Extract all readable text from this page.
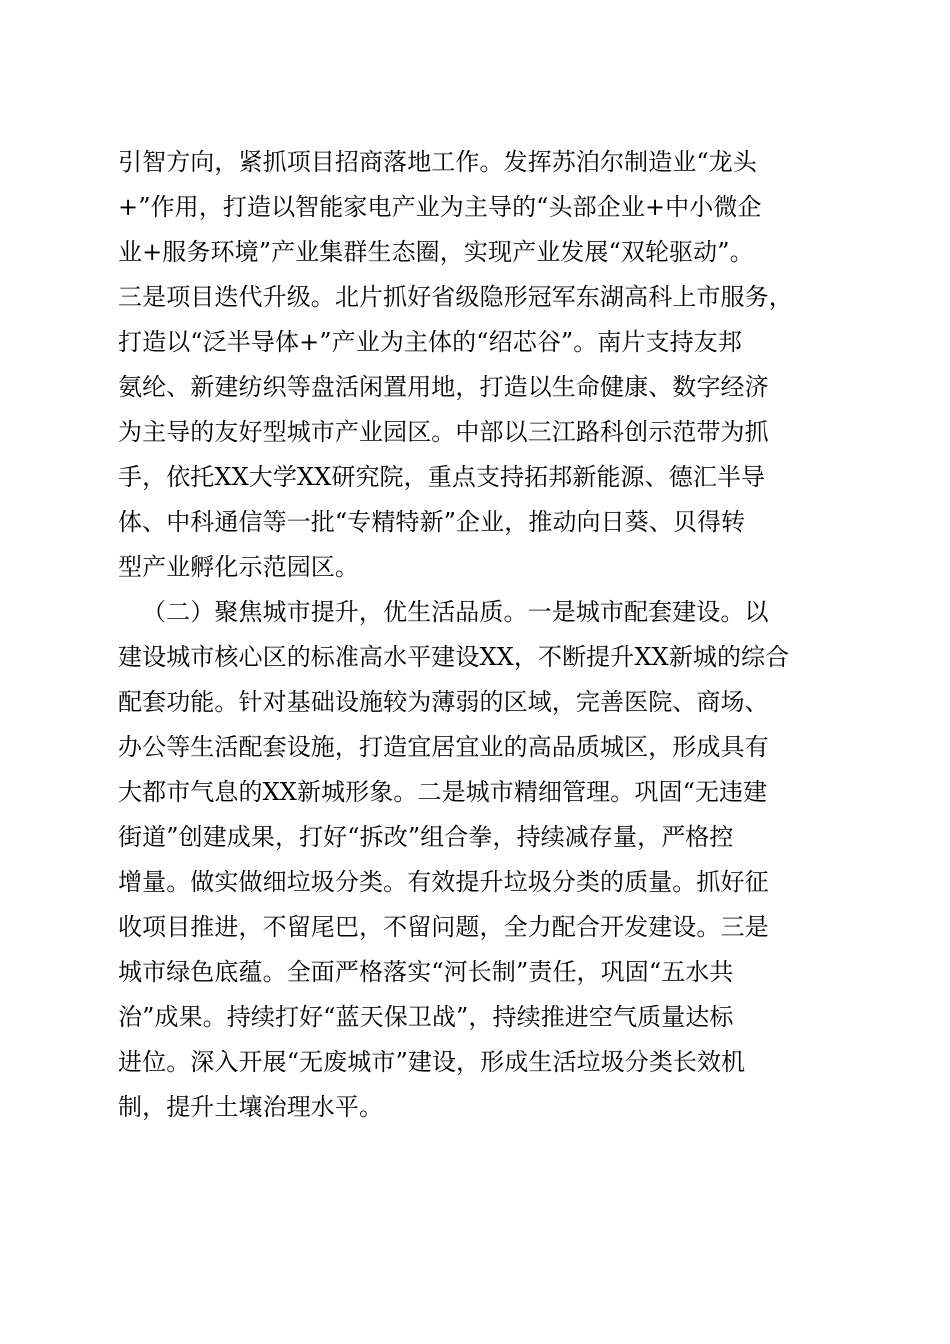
引智方向，紧抓项目招商落地工作。发挥苏泊尔制造业“龙头
+”作用，打造以智能家电产业为主导的“头部企业+中小微企
业+服务环境”产业集群生态圈，实现产业发展“双轮驱动”。
三是项目迭代升级。北片抓好省级隐形冠军东湖高科上市服务，
打造以“泛半导体+”产业为主体的“绍芯谷”。南片支持友邦
氨纶、新建纺织等盘活闲置用地，打造以生命健康、数字经济
为主导的友好型城市产业园区。中部以三江路科创示范带为抓
手，依托XX大学XX研究院，重点支持拓邦新能源、德汇半导
体、中科通信等一批“专精特新”企业，推动向日葵、贝得转
型产业孵化示范园区。
（二）聚焦城市提升，优生活品质。一是城市配套建设。以
建设城市核心区的标准高水平建设XX，不断提升XX新城的综合
配套功能。针对基础设施较为薄弱的区域，完善医院、商场、
办公等生活配套设施，打造宜居宜业的高品质城区，形成具有
大都市气息的XX新城形象。二是城市精细管理。巩固“无违建
街道”创建成果，打好“拆改”组合拳，持续减存量，严格控
增量。做实做细垃圾分类。有效提升垃圾分类的质量。抓好征
收项目推进，不留尾巴，不留问题，全力配合开发建设。三是
城市绿色底蕴。全面严格落实“河长制”责任，巩固“五水共
治”成果。持续打好“蓝天保卫战”，持续推进空气质量达标
进位。深入开展“无废城市”建设，形成生活垃圾分类长效机
制，提升土壤治理水平。
